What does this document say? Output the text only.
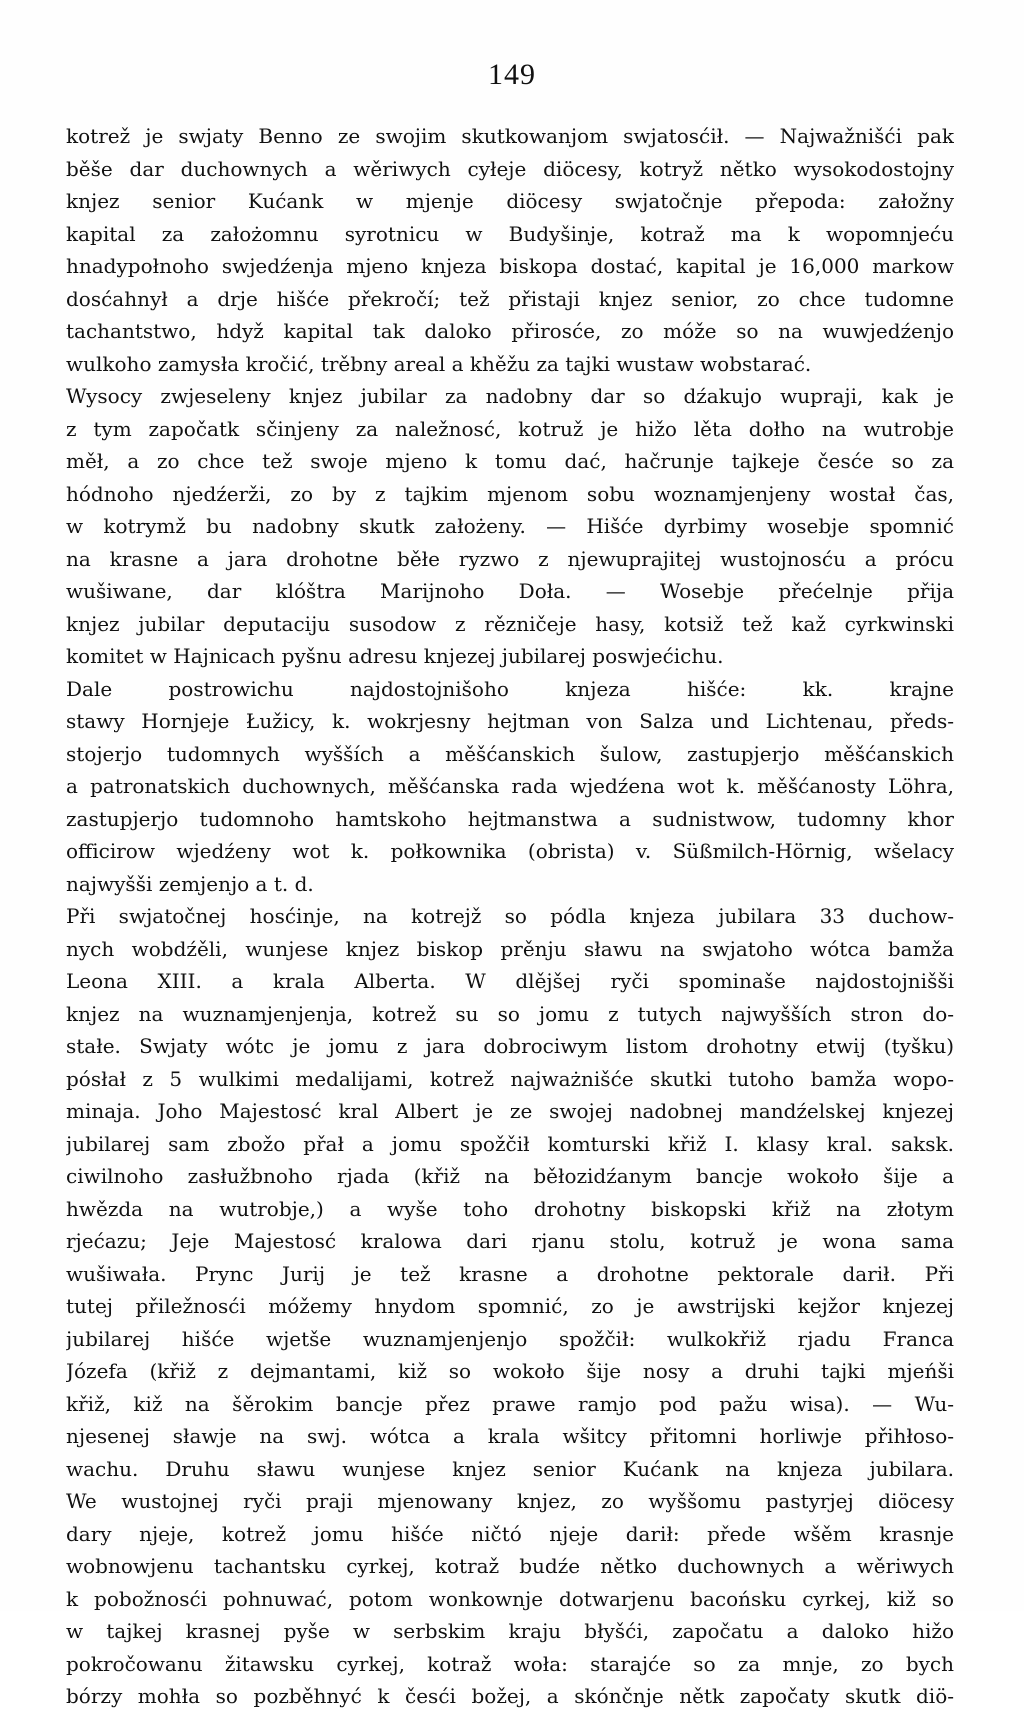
149
kotrež je swjaty Benno ze swojim skutkowanjom swjatosćił. — Najwažnišći pak
běše dar duchownych a wěriwych cyłeje diöcesy, kotryž nětko wysokodostojny
knjez senior Kućank w mjenje diöcesy swjatočnje přepoda: załožny
kapital za założomnu syrotnicu w Budyšinje, kotraž ma k wopomnjeću
hnadypołnoho swjedźenja mjeno knjeza biskopa dostać, kapital je 16,000 markow
dosćahnył a drje hišće překročí; tež přistaji knjez senior, zo chce tudomne
tachantstwo, hdyž kapital tak daloko přirosće, zo móže so na wuwjedźenjo
wulkoho zamysła kročić, trěbny areal a khěžu za tajki wustaw wobstarać.
Wysocy zwjeseleny knjez jubilar za nadobny dar so dźakujo wupraji, kak je
z tym započatk sčinjeny za naležnosć, kotruž je hižo lěta dołho na wutrobje
měł, a zo chce tež swoje mjeno k tomu dać, hačrunje tajkeje česće so za
hódnoho njedźerži, zo by z tajkim mjenom sobu woznamjenjeny wostał čas,
w kotrymž bu nadobny skutk założeny. — Hišće dyrbimy wosebje spomnić
na krasne a jara drohotne běłe ryzwo z njewuprajitej wustojnosću a prócu
wušiwane, dar klóštra Marijnoho Doła. — Wosebje přećelnje přija
knjez jubilar deputaciju susodow z rězničeje hasy, kotsiž tež kaž cyrkwinski
komitet w Hajnicach pyšnu adresu knjezej jubilarej poswjećichu.
Dale postrowichu najdostojnišoho knjeza hišće: kk. krajne
stawy Hornjeje Łužicy, k. wokrjesny hejtman von Salza und Lichtenau, předs-
stojerjo tudomnych wyšších a měšćanskich šulow, zastupjerjo měšćanskich
a patronatskich duchownych, měšćanska rada wjedźena wot k. měšćanosty Löhra,
zastupjerjo tudomnoho hamtskoho hejtmanstwa a sudnistwow, tudomny khor
officirow wjedźeny wot k. połkownika (obrista) v. Süßmilch-Hörnig, wšelacy
najwyšši zemjenjo a t. d.
Při swjatočnej hosćinje, na kotrejž so pódla knjeza jubilara 33 duchow-
nych wobdźěli, wunjese knjez biskop prěnju sławu na swjatoho wótca bamža
Leona XIII. a krala Alberta. W dlějšej ryči spominaše najdostojnišši
knjez na wuznamjenjenja, kotrež su so jomu z tutych najwyšších stron do-
stałe. Swjaty wótc je jomu z jara dobrociwym listom drohotny etwij (tyšku)
pósłał z 5 wulkimi medalijami, kotrež najważnišće skutki tutoho bamža wopo-
minaja. Joho Majestosć kral Albert je ze swojej nadobnej mandźelskej knjezej
jubilarej sam zbožo přał a jomu spožčił komturski křiž I. klasy kral. saksk.
ciwilnoho zasłužbnoho rjada (křiž na běłozidźanym bancje wokoło šije a
hwězda na wutrobje,) a wyše toho drohotny biskopski křiž na złotym
rjećazu; Jeje Majestosć kralowa dari rjanu stolu, kotruž je wona sama
wušiwała. Prync Jurij je tež krasne a drohotne pektorale darił. Při
tutej přiležnosći móžemy hnydom spomnić, zo je awstrijski kejžor knjezej
jubilarej hišće wjetše wuznamjenjenjo spožčił: wulkokřiž rjadu Franca
Józefa (křiž z dejmantami, kiž so wokoło šije nosy a druhi tajki mjeńši
křiž, kiž na šěrokim bancje přez prawe ramjo pod pažu wisa). — Wu-
njesenej sławje na swj. wótca a krala wšitcy přitomni horliwje přihłoso-
wachu. Druhu sławu wunjese knjez senior Kućank na knjeza jubilara.
We wustojnej ryči praji mjenowany knjez, zo wyššomu pastyrjej diöcesy
dary njeje, kotrež jomu hišće ničtó njeje darił: přede wšěm krasnje
wobnowjenu tachantsku cyrkej, kotraž budźe nětko duchownych a wěriwych
k pobožnosći pohnuwać, potom wonkownje dotwarjenu bacońsku cyrkej, kiž so
w tajkej krasnej pyše w serbskim kraju błyšći, započatu a daloko hižo
pokročowanu žitawsku cyrkej, kotraž woła: starajće so za mnje, zo bych
bórzy mohła so pozběhnyć k česći božej, a skónčnje nětk započaty skutk diö-
